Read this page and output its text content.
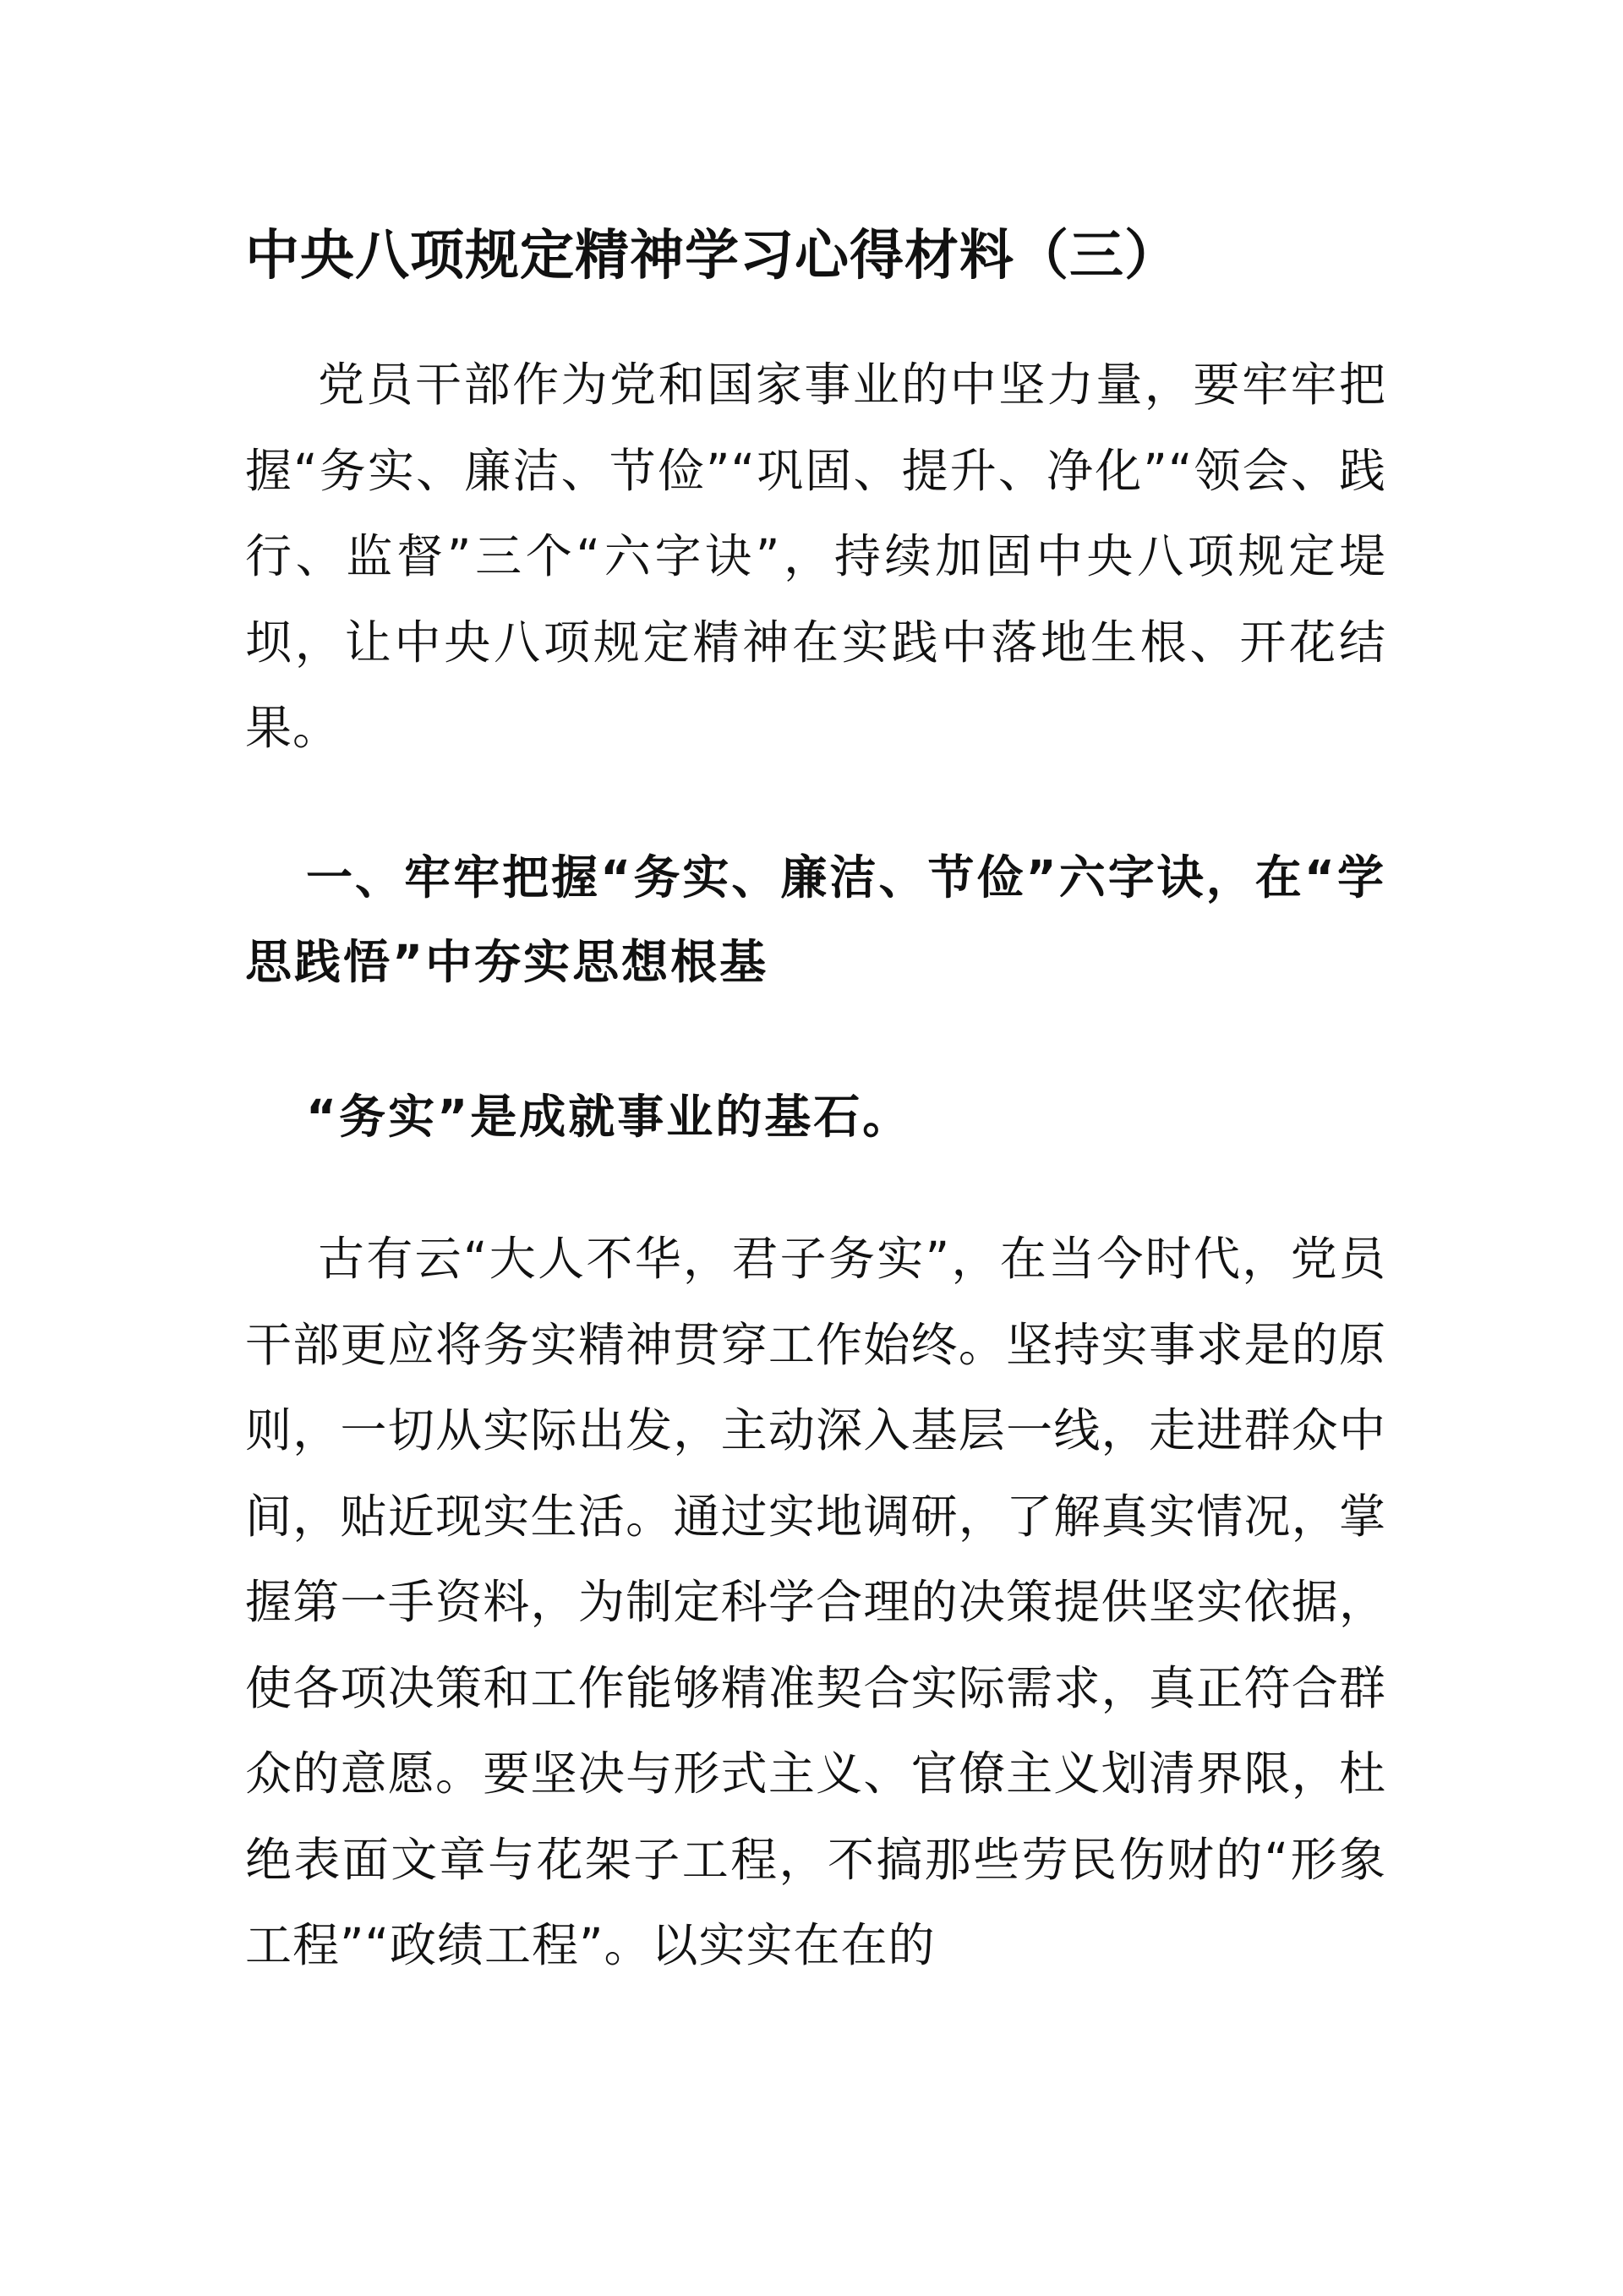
中央八项规定精神学习心得材料（三）

党员干部作为党和国家事业的中坚力量，要牢牢把握“务实、廉洁、节俭”“巩固、提升、净化”“领会、践行、监督”三个“六字诀”，持续加固中央八项规定堤坝，让中央八项规定精神在实践中落地生根、开花结果。

一、牢牢把握“务实、廉洁、节俭”六字诀，在“学思践悟”中夯实思想根基
“务实”是成就事业的基石。

古有云“大人不华，君子务实”，在当今时代，党员干部更应将务实精神贯穿工作始终。坚持实事求是的原则，一切从实际出发，主动深入基层一线，走进群众中间，贴近现实生活。通过实地调研，了解真实情况，掌握第一手资料，为制定科学合理的决策提供坚实依据，使各项决策和工作能够精准契合实际需求，真正符合群众的意愿。要坚决与形式主义、官僚主义划清界限，杜绝表面文章与花架子工程，不搞那些劳民伤财的“形象工程”“政绩工程”。以实实在在的
